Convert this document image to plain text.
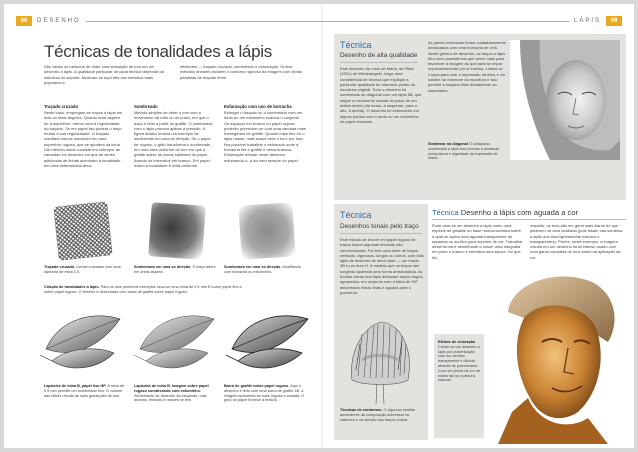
66	DESENHO	LÁPIS	69
Técnicas de tonalidades a lápis
São vários os métodos de obter uma sensação de tom em um desenho a lápis. A qualidade particular de cada técnica depende da natureza do suporte. Mostram-se aqui três dos métodos mais populares e
eficientes — traçado cruzado, sombreado e esfumação. Outros métodos lineares incluem o contorno rigoroso da imagem com linhas paralelas de traçado firme.
Traçado cruzado
Neste caso, empregam-se traços a lápis em dois ou mais ângulos. Quanto mais áspera for a superfície, menor será a regularidade do traçado. Se em papel liso poderá o traço mudar a sua regularidade. O traçado resultará menos mecânico em uma superfície rugosa, que se apodera da linha. Um método usual consiste em sobrepor as camadas em desenho em que as séries adicionais de linhas acentuam a tonalidade em uma determinada área.
Sombreado
Método simples de obter o tom com o movimento da mão ou do pulso, em que o traço é feito a partir do grafite. O sombreado com o lápis procura aplicar a pressão. A figura abaixo mostra um exemplo de sombreado em uma só direção. Se o papel for rugoso, o grão transforma o sombreado em uma área uniforme de tom em que a grafite adere às zonas salientes do papel, ficando os intervalos em branco. Em papel macio a tonalidade é mais uniforme.
Esfumação com uso de borracha
Esfregar o traçado ou o sombreado com um dedo ou um esfuminho suaviza o conjunto. Os espaços em branco no papel rugoso poderão preencher-se com uma camada mais homogênea de grafite. Quanto mais fino for o lápis usado, mais suave será o tom; por isso fica possível trabalhar o esfumado onde a borracha tira o grafite e deixa brancos. Esfumação efetuar neste desenho, esfumando-o: a luz vem sempre do papel.
Traçado cruzado. Linhas cruzadas com uma lapiseira de mina 0,5.
Sombreado em uma só direção. O traço adere em áreas áspera.
Sombreado em uma só direção. Modificado com borracha ou esfuminho.
Criação de tonalidades a lápis. Para os dois primeiros exemplos usou-se uma mina de 0,5 mm B sobre papel fino e sobre papel rugoso. O terceiro é desenhado com barra de grafite sobre papel rugoso.
Lapiseira de mina B, papel liso HP. A mina de 0,5 mm permite um sombreado fino. O volume das folhas resulta de sutis gradações de tom.
Lapiseira de mina B, imagem sobre papel rugoso sombreando com esfuminho. Semelhante ao desenho da esquerda, mas aromas, texturas e realces se tem.
Barra de grafite sobre papel rugoso. Aqui o desenho é feito com uma barra de grafite 4B; a imagem apresenta-se mais rugosa e variada. O grão do papel fornece a textura.
Técnica
Desenho de alta qualidade
Este desenho de rosto de Maria, da Pietà (1501) de Michelangelo, exige uma consistência de técnica que explique a particular qualidade do mármore polido da escultura original. Todo o desenho foi sombreado ao diagonal com um lápis 6B, que segue o movimento natural do pulso de um artista destro (da fundo, à esquerda, para o alto, à direita). O desenho foi esfumando em alguns pontos com o dedo ou um esfuminho de papel enrolado.
As partes luminosas foram cuidadosamente destacadas com uma borracha de vinil. Neste gênero de desenho, os traços a lápis têm uma consistência que serve mais para favorecer a imagem do que para se impor expressivamente por si mesma. Linhas se o lápis para criar a impressão da tinta, e da solidez do mármore da escultura e isso permite à imagem falar diretamente ao espectador.
Sombrear na diagonal O cuidadoso sombreado a lápis traz intenso a recatada compostura e dignidade da expressão de Maria.
Técnica
Desenhos tonais pelo traço
Este estudo de árvore em papel rugoso de traços fazem algumas técnicas não convencionais. Foi feito uma série de traços verticais, vigorosos, longos ou curtos, com dois lápis de desenho de mina clara — um macio 4B e um duro H. A medida que os traços iam surgindo aparecia uma forma arredondada. As bordas claras dos lápis deixaram traços largos, agrupados, em conjunto com a folha de 90º, desenhado linhas finas e agudas para o pormenor.
Técnicas de contornos. O vigoroso sentido ascendente da composição sobressai na natureza e na direção dos traços a lápis.
Técnica Desenho a lápis com aguada a cor
Pode usar-se um desenho a lápis como uma espécie de grisaille ou base monocromática sobre a qual se aplica uma aguada transparente de aquarela ou acrílico para imprimir de cor. Trabalhar desta forma é semelhante a colorir uma fotografia em preto e branco e relembra uma época. No que diz
respeito, os tons são em geral mais claros do que parecem na obra acabada (pois frisam nas sombras a ação dos tons ligeiramente escuros e transparentes). Porém, neste exemplo, a imagem resulta em um desenho tonal intenso usado com uma gama completa de tons antes da aplicação da cor.
Efeitos de coloração Colore-se um desenho a lápis por pulverização com cor acrílica transparente e diluída através de pulverizador. Com um pincel de cor de marta faz-se a pintura manual.
